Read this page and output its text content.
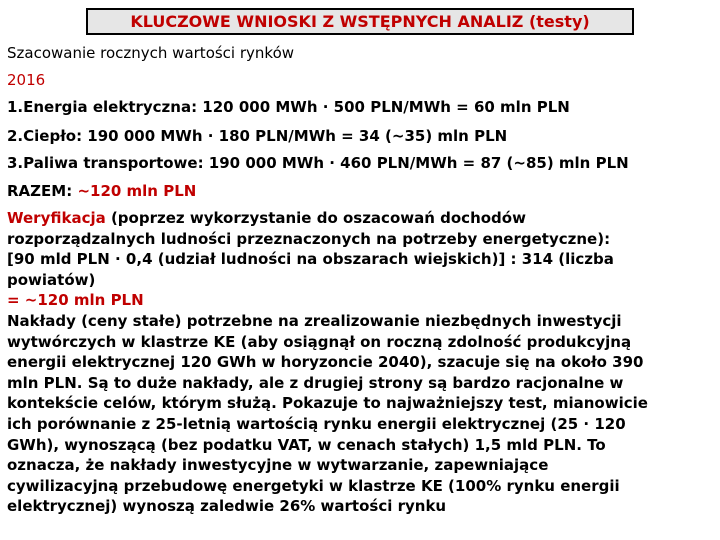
KLUCZOWE WNIOSKI Z WSTĘPNYCH ANALIZ (testy)
Szacowanie rocznych wartości rynków
2016
1.Energia elektryczna: 120 000 MWh · 500 PLN/MWh = 60 mln PLN
2.Ciepło: 190 000 MWh · 180 PLN/MWh = 34 (~35) mln PLN
3.Paliwa transportowe: 190 000 MWh · 460 PLN/MWh = 87 (~85) mln PLN
RAZEM: ~120 mln PLN
Weryfikacja (poprzez wykorzystanie do oszacowań dochodów
rozporządzalnych ludności przeznaczonych na potrzeby energetyczne):
[90 mld PLN · 0,4 (udział ludności na obszarach wiejskich)] : 314 (liczba
powiatów)
= ~120 mln PLN
Nakłady (ceny stałe) potrzebne na zrealizowanie niezbędnych inwestycji
wytwórczych w klastrze KE (aby osiągnął on roczną zdolność produkcyjną
energii elektrycznej 120 GWh w horyzoncie 2040), szacuje się na około 390
mln PLN. Są to duże nakłady, ale z drugiej strony są bardzo racjonalne w
kontekście celów, którym służą. Pokazuje to najważniejszy test, mianowicie
ich porównanie z 25-letnią wartością rynku energii elektrycznej (25 · 120
GWh), wynoszącą (bez podatku VAT, w cenach stałych) 1,5 mld PLN. To
oznacza, że nakłady inwestycyjne w wytwarzanie, zapewniające
cywilizacyjną przebudowę energetyki w klastrze KE (100% rynku energii
elektrycznej) wynoszą zaledwie 26% wartości rynku
